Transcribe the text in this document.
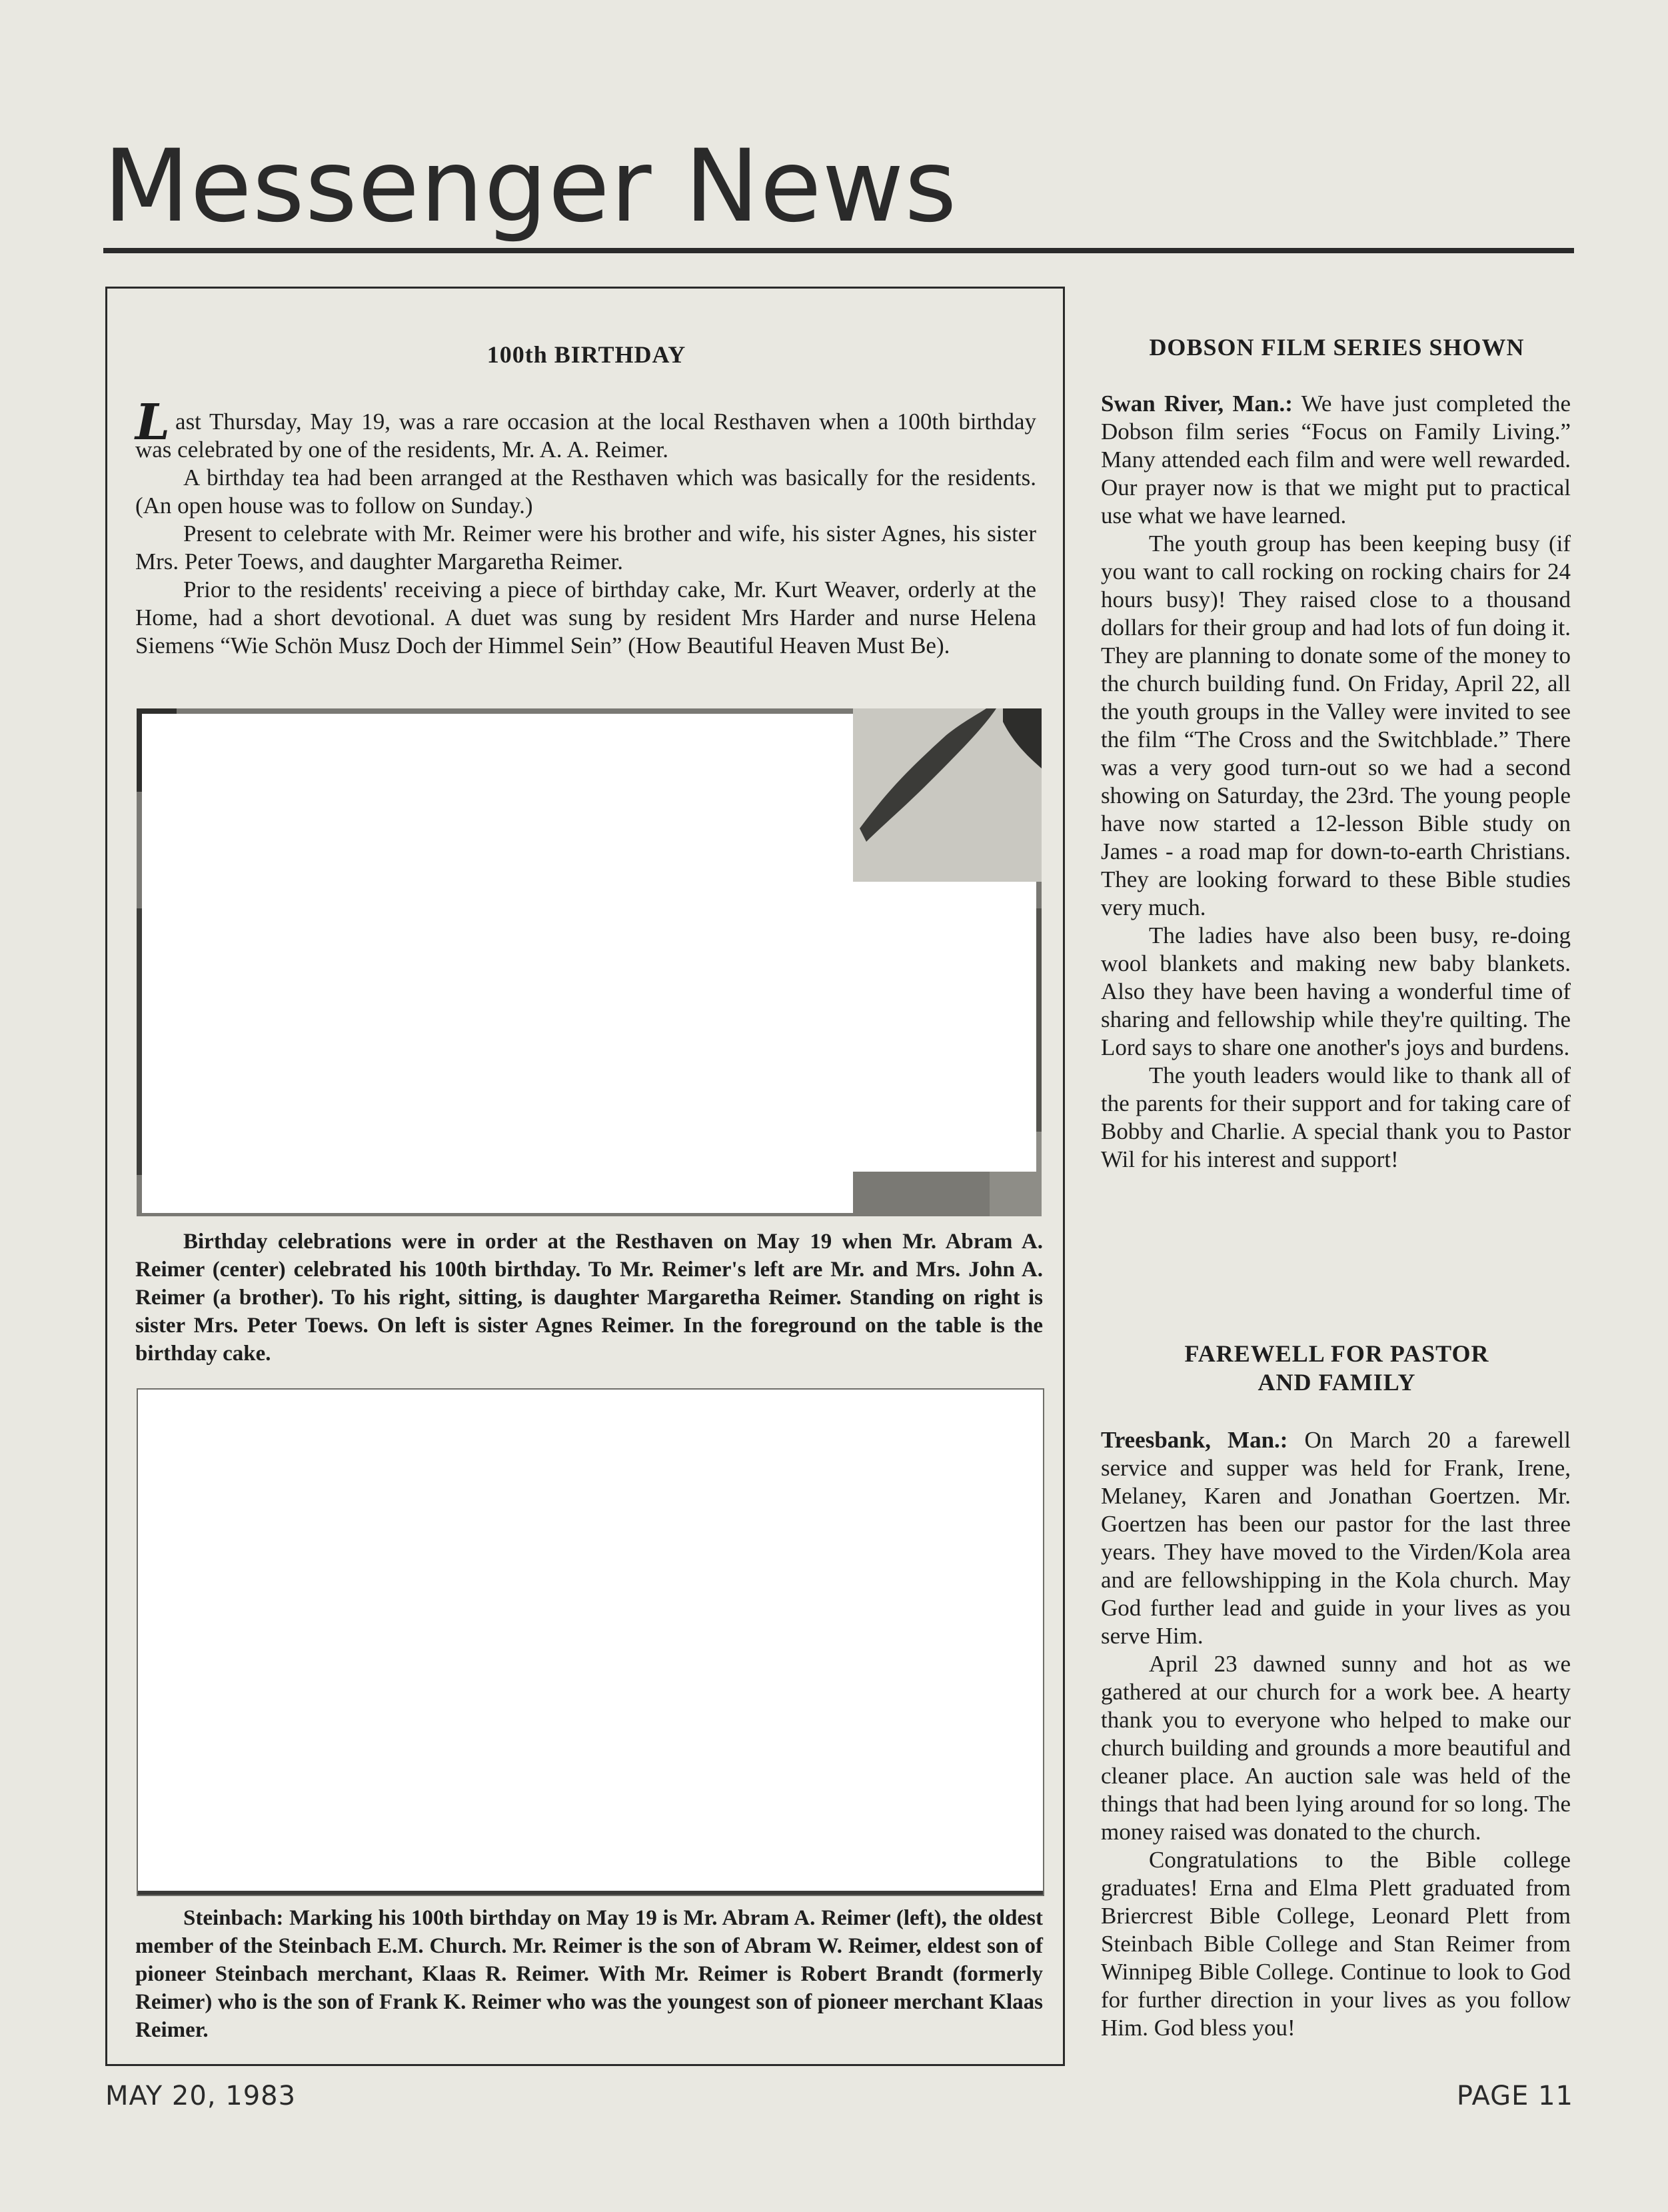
Messenger News
100th BIRTHDAY

Last Thursday, May 19, was a rare occasion at the local Resthaven when a 100th birthday was celebrated by one of the residents, Mr. A. A. Reimer.

A birthday tea had been arranged at the Resthaven which was basically for the residents. (An open house was to follow on Sunday.)

Present to celebrate with Mr. Reimer were his brother and wife, his sister Agnes, his sister Mrs. Peter Toews, and daughter Margaretha Reimer.

Prior to the residents' receiving a piece of birthday cake, Mr. Kurt Weaver, orderly at the Home, had a short devotional. A duet was sung by resident Mrs Harder and nurse Helena Siemens “Wie Schön Musz Doch der Himmel Sein” (How Beautiful Heaven Must Be).

Birthday celebrations were in order at the Resthaven on May 19 when Mr. Abram A. Reimer (center) celebrated his 100th birthday. To Mr. Reimer's left are Mr. and Mrs. John A. Reimer (a brother). To his right, sitting, is daughter Margaretha Reimer. Standing on right is sister Mrs. Peter Toews. On left is sister Agnes Reimer. In the foreground on the table is the birthday cake.

Steinbach: Marking his 100th birthday on May 19 is Mr. Abram A. Reimer (left), the oldest member of the Steinbach E.M. Church. Mr. Reimer is the son of Abram W. Reimer, eldest son of pioneer Steinbach merchant, Klaas R. Reimer. With Mr. Reimer is Robert Brandt (formerly Reimer) who is the son of Frank K. Reimer who was the youngest son of pioneer merchant Klaas Reimer.

DOBSON FILM SERIES SHOWN

Swan River, Man.: We have just completed the Dobson film series “Focus on Family Living.” Many attended each film and were well rewarded. Our prayer now is that we might put to practical use what we have learned.

The youth group has been keeping busy (if you want to call rocking on rocking chairs for 24 hours busy)! They raised close to a thousand dollars for their group and had lots of fun doing it. They are planning to donate some of the money to the church building fund. On Friday, April 22, all the youth groups in the Valley were invited to see the film “The Cross and the Switchblade.” There was a very good turn-out so we had a second showing on Saturday, the 23rd. The young people have now started a 12-lesson Bible study on James - a road map for down-to-earth Christians. They are looking forward to these Bible studies very much.

The ladies have also been busy, re-doing wool blankets and making new baby blankets. Also they have been having a wonderful time of sharing and fellowship while they're quilting. The Lord says to share one another's joys and burdens.

The youth leaders would like to thank all of the parents for their support and for taking care of Bobby and Charlie. A special thank you to Pastor Wil for his interest and support!

FAREWELL FOR PASTOR
AND FAMILY

Treesbank, Man.: On March 20 a farewell service and supper was held for Frank, Irene, Melaney, Karen and Jonathan Goertzen. Mr. Goertzen has been our pastor for the last three years. They have moved to the Virden/Kola area and are fellowshipping in the Kola church. May God further lead and guide in your lives as you serve Him.

April 23 dawned sunny and hot as we gathered at our church for a work bee. A hearty thank you to everyone who helped to make our church building and grounds a more beautiful and cleaner place. An auction sale was held of the things that had been lying around for so long. The money raised was donated to the church.

Congratulations to the Bible college graduates! Erna and Elma Plett graduated from Briercrest Bible College, Leonard Plett from Steinbach Bible College and Stan Reimer from Winnipeg Bible College. Continue to look to God for further direction in your lives as you follow Him. God bless you!

MAY 20, 1983	PAGE 11
